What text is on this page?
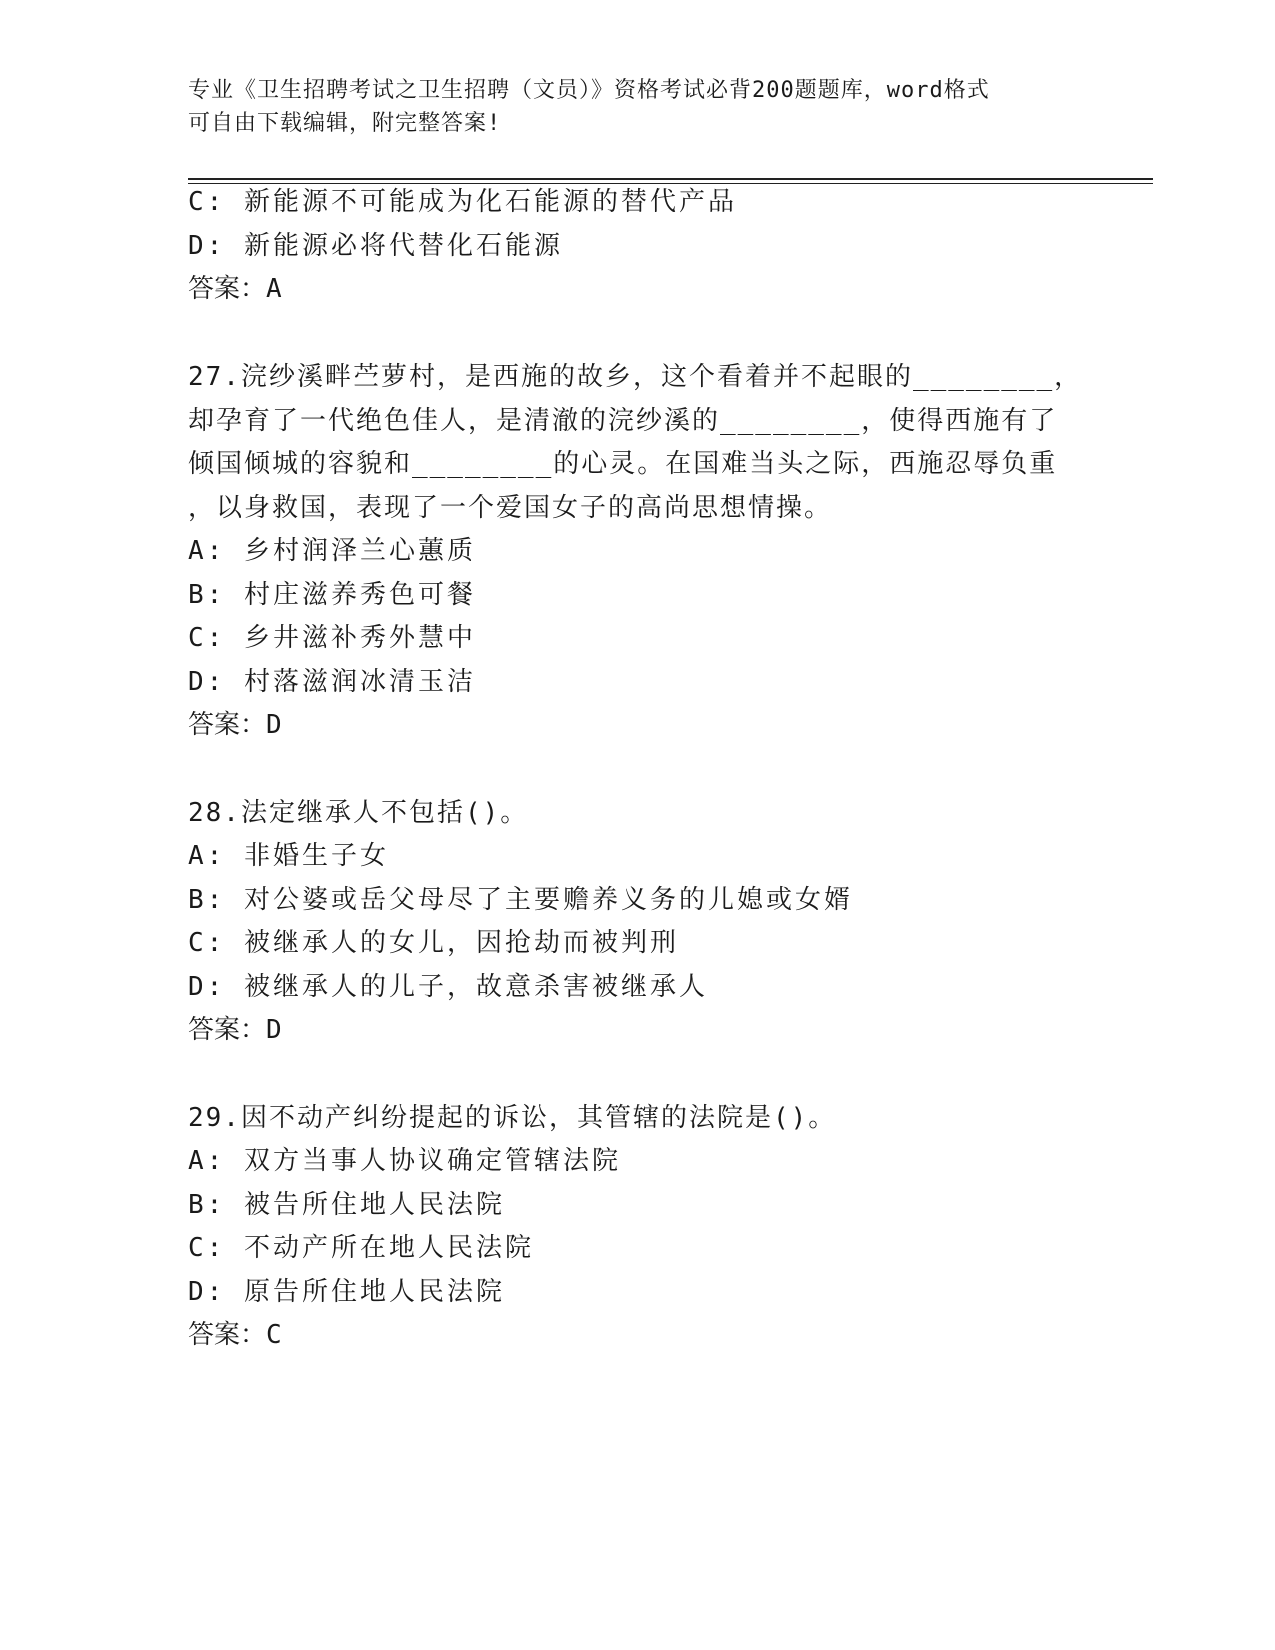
专业《卫生招聘考试之卫生招聘（文员）》资格考试必背200题题库，word格式
可自由下载编辑，附完整答案!
C: 新能源不可能成为化石能源的替代产品
D: 新能源必将代替化石能源
答案：A
27.浣纱溪畔苎萝村，是西施的故乡，这个看着并不起眼的________，
却孕育了一代绝色佳人，是清澈的浣纱溪的________，使得西施有了
倾国倾城的容貌和________的心灵。在国难当头之际，西施忍辱负重
，以身救国，表现了一个爱国女子的高尚思想情操。
A: 乡村润泽兰心蕙质
B: 村庄滋养秀色可餐
C: 乡井滋补秀外慧中
D: 村落滋润冰清玉洁
答案：D
28.法定继承人不包括()。
A: 非婚生子女
B: 对公婆或岳父母尽了主要赡养义务的儿媳或女婿
C: 被继承人的女儿，因抢劫而被判刑
D: 被继承人的儿子，故意杀害被继承人
答案：D
29.因不动产纠纷提起的诉讼，其管辖的法院是()。
A: 双方当事人协议确定管辖法院
B: 被告所住地人民法院
C: 不动产所在地人民法院
D: 原告所住地人民法院
答案：C
